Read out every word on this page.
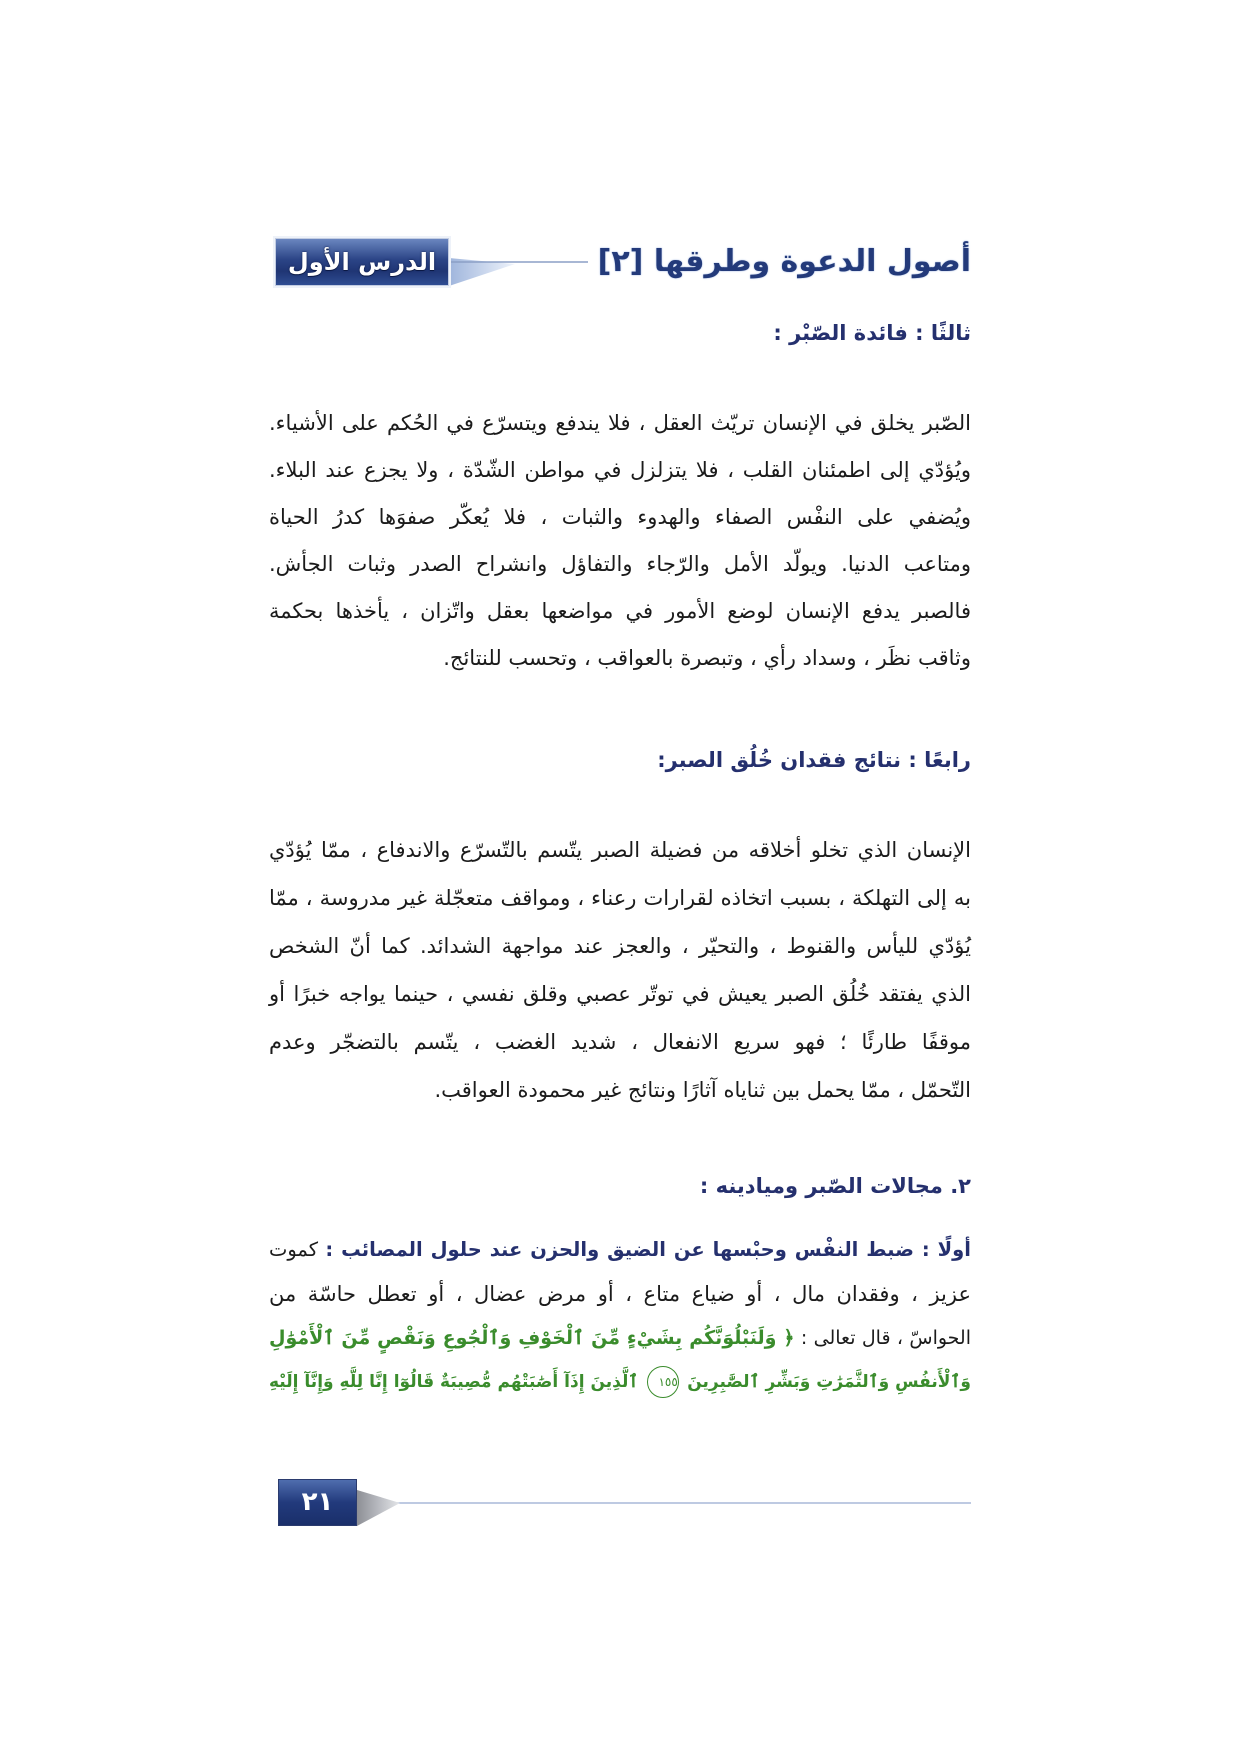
الدرس الأول	أصول الدعوة وطرقها [٢]
ثالثًا : فائدة الصّبْر :
الصّبر يخلق في الإنسان تريّث العقل ، فلا يندفع ويتسرّع في الحُكم على الأشياء.
ويُؤدّي إلى اطمئنان القلب ، فلا يتزلزل في مواطن الشّدّة ، ولا يجزع عند البلاء.
ويُضفي على النفْس الصفاء والهدوء والثبات ، فلا يُعكّر صفوَها كدرُ الحياة
ومتاعب الدنيا. ويولّد الأمل والرّجاء والتفاؤل وانشراح الصدر وثبات الجأش.
فالصبر يدفع الإنسان لوضع الأمور في مواضعها بعقل واتّزان ، يأخذها بحكمة
وثاقب نظَر ، وسداد رأي ، وتبصرة بالعواقب ، وتحسب للنتائج.
رابعًا : نتائج فقدان خُلُق الصبر:
الإنسان الذي تخلو أخلاقه من فضيلة الصبر يتّسم بالتّسرّع والاندفاع ، ممّا يُؤدّي
به إلى التهلكة ، بسبب اتخاذه لقرارات رعناء ، ومواقف متعجّلة غير مدروسة ، ممّا
يُؤدّي لليأس والقنوط ، والتحيّر ، والعجز عند مواجهة الشدائد. كما أنّ الشخص
الذي يفتقد خُلُق الصبر يعيش في توتّر عصبي وقلق نفسي ، حينما يواجه خبرًا أو
موقفًا طارئًا ؛ فهو سريع الانفعال ، شديد الغضب ، يتّسم بالتضجّر وعدم
التّحمّل ، ممّا يحمل بين ثناياه آثارًا ونتائج غير محمودة العواقب.
٢. مجالات الصّبر وميادينه :
أولًا : ضبط النفْس وحبْسها عن الضيق والحزن عند حلول المصائب : كموت
عزيز ، وفقدان مال ، أو ضياع متاع ، أو مرض عضال ، أو تعطل حاسّة من
الحواسّ ، قال تعالى : ﴿ وَلَنَبْلُوَنَّكُم بِشَيْءٍ مِّنَ ٱلْخَوْفِ وَٱلْجُوعِ وَنَقْصٍ مِّنَ ٱلْأَمْوَٰلِ
وَٱلْأَنفُسِ وَٱلثَّمَرَٰتِ وَبَشِّرِ ٱلصَّٰبِرِينَ ١٥٥ ٱلَّذِينَ إِذَآ أَصَٰبَتْهُم مُّصِيبَةٌ قَالُوٓا إِنَّا لِلَّهِ وَإِنَّآ إِلَيْهِ
٢١
